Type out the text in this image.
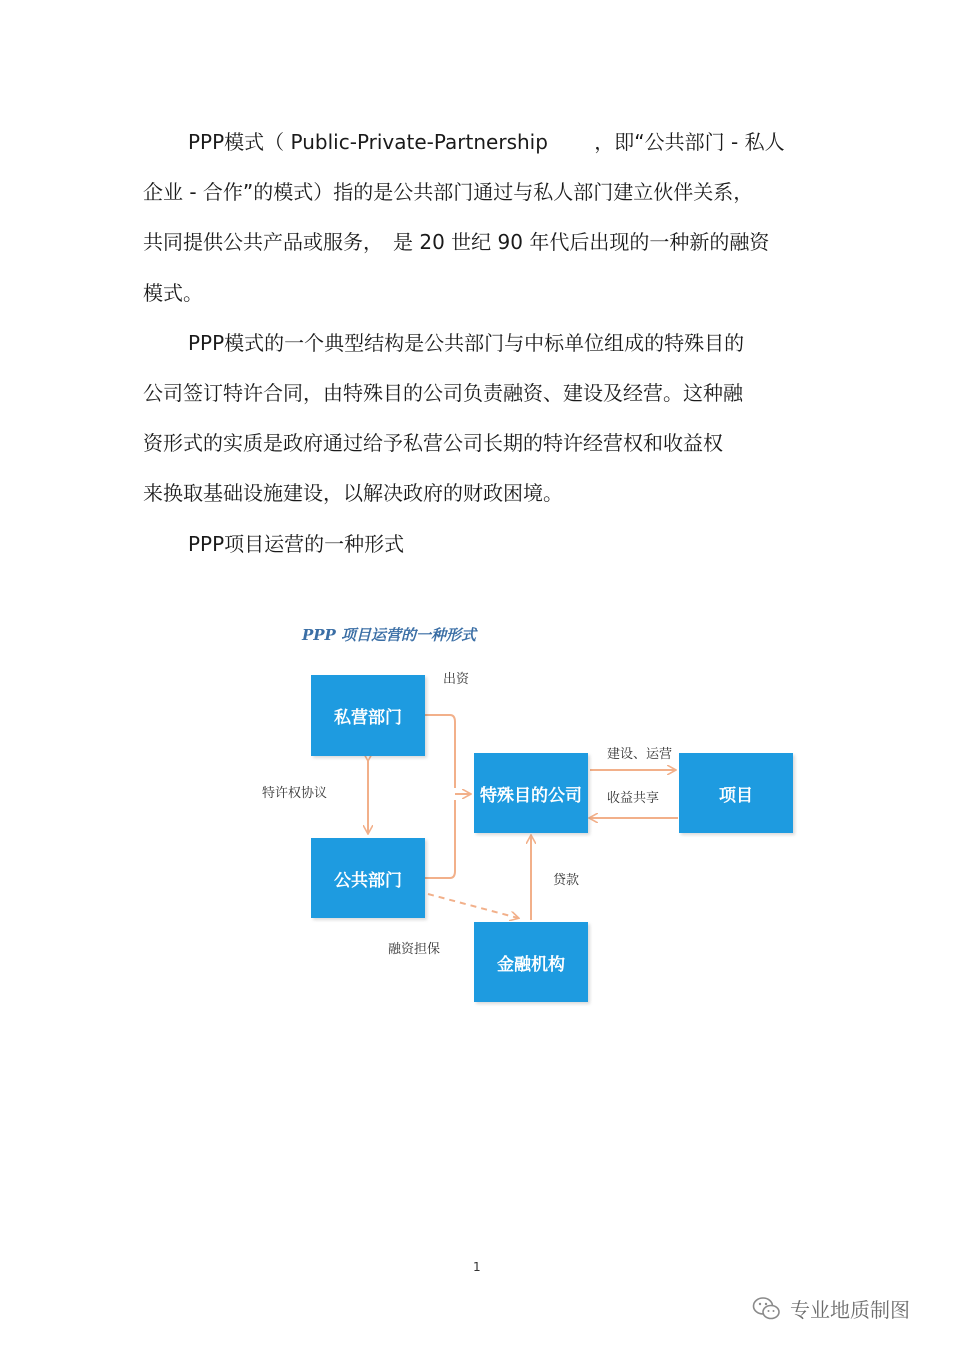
PPP模式（ Public-Private-Partnership　　 ，即“公共部门 - 私人
企业 - 合作”的模式）指的是公共部门通过与私人部门建立伙伴关系，
共同提供公共产品或服务，　是 20 世纪 90 年代后出现的一种新的融资
模式。
PPP模式的一个典型结构是公共部门与中标单位组成的特殊目的
公司签订特许合同，由特殊目的公司负责融资、建设及经营。这种融
资形式的实质是政府通过给予私营公司长期的特许经营权和收益权
来换取基础设施建设，以解决政府的财政困境。
PPP项目运营的一种形式
PPP 项目运营的一种形式
私营部门
公共部门
特殊目的公司	项目
金融机构
出资
特许权协议
建设、运营
收益共享
贷款
融资担保
1
专业地质制图
